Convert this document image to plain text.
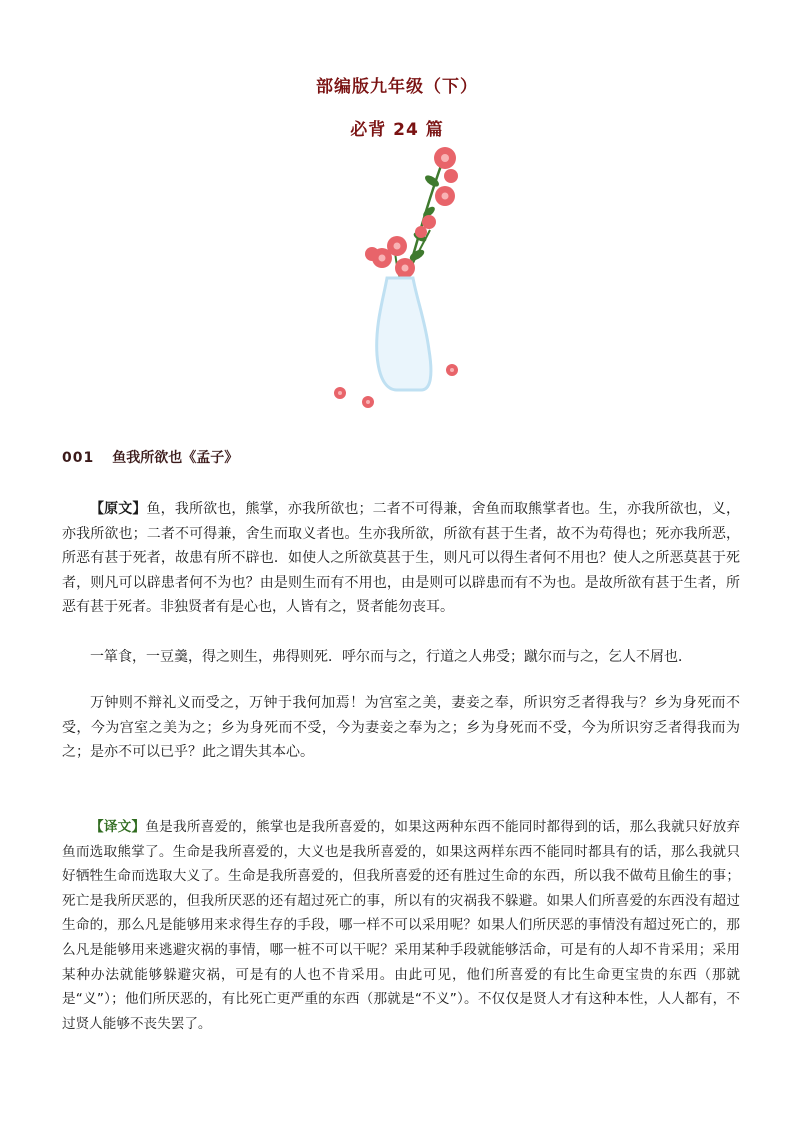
部编版九年级（下）
必背 24 篇
001 鱼我所欲也《孟子》

【原文】鱼，我所欲也，熊掌，亦我所欲也；二者不可得兼，舍鱼而取熊掌者也。生，亦我所欲也，义，亦我所欲也；二者不可得兼，舍生而取义者也。生亦我所欲，所欲有甚于生者，故不为苟得也；死亦我所恶，所恶有甚于死者，故患有所不辟也．如使人之所欲莫甚于生，则凡可以得生者何不用也？使人之所恶莫甚于死者，则凡可以辟患者何不为也？由是则生而有不用也，由是则可以辟患而有不为也。是故所欲有甚于生者，所恶有甚于死者。非独贤者有是心也，人皆有之，贤者能勿丧耳。

一箪食，一豆羹，得之则生，弗得则死．呼尔而与之，行道之人弗受；蹴尔而与之，乞人不屑也．

万钟则不辩礼义而受之，万钟于我何加焉！为宫室之美，妻妾之奉，所识穷乏者得我与？乡为身死而不受，今为宫室之美为之；乡为身死而不受，今为妻妾之奉为之；乡为身死而不受，今为所识穷乏者得我而为之；是亦不可以已乎？此之谓失其本心。

【译文】鱼是我所喜爱的，熊掌也是我所喜爱的，如果这两种东西不能同时都得到的话，那么我就只好放弃鱼而选取熊掌了。生命是我所喜爱的，大义也是我所喜爱的，如果这两样东西不能同时都具有的话，那么我就只好牺牲生命而选取大义了。生命是我所喜爱的，但我所喜爱的还有胜过生命的东西，所以我不做苟且偷生的事；死亡是我所厌恶的，但我所厌恶的还有超过死亡的事，所以有的灾祸我不躲避。如果人们所喜爱的东西没有超过生命的，那么凡是能够用来求得生存的手段，哪一样不可以采用呢？如果人们所厌恶的事情没有超过死亡的，那么凡是能够用来逃避灾祸的事情，哪一桩不可以干呢？采用某种手段就能够活命，可是有的人却不肯采用；采用某种办法就能够躲避灾祸，可是有的人也不肯采用。由此可见，他们所喜爱的有比生命更宝贵的东西（那就是“义”）；他们所厌恶的，有比死亡更严重的东西（那就是“不义”）。不仅仅是贤人才有这种本性，人人都有，不过贤人能够不丧失罢了。
